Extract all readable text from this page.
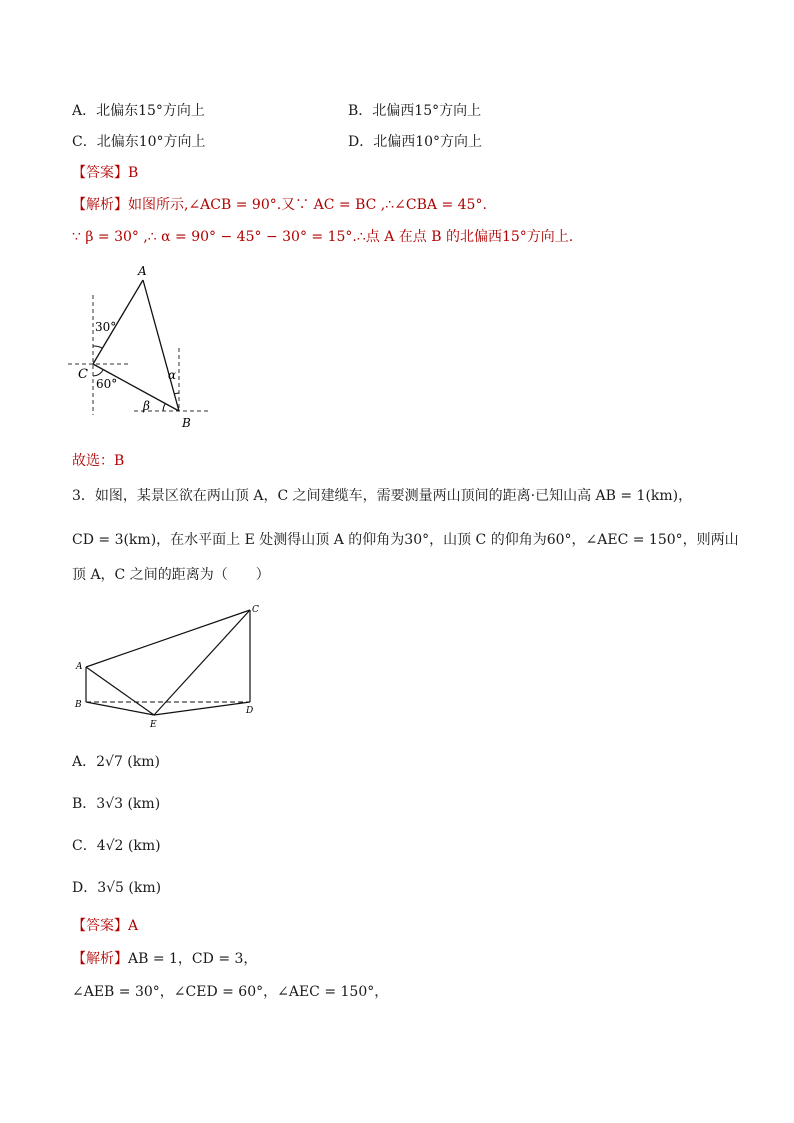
A．北偏东15°方向上	B．北偏西15°方向上
C．北偏东10°方向上	D．北偏西10°方向上
【答案】B
【解析】如图所示,∠ACB = 90°.又∵ AC = BC ,∴∠CBA = 45°.
∵ β = 30° ,∴ α = 90° − 45° − 30° = 15°.∴点 A 在点 B 的北偏西15°方向上.
A
C
B
30°
60°
α
β
故选：B
3．如图，某景区欲在两山顶 A，C 之间建缆车，需要测量两山顶间的距离·已知山高 AB = 1(km)，
CD = 3(km)，在水平面上 E 处测得山顶 A 的仰角为30°，山顶 C 的仰角为60°，∠AEC = 150°，则两山
顶 A，C 之间的距离为（　　）
A
B
C
D
E
A．2√7 (km)
B．3√3 (km)
C．4√2 (km)
D．3√5 (km)
【答案】A
【解析】AB = 1，CD = 3，
∠AEB = 30°，∠CED = 60°，∠AEC = 150°，
